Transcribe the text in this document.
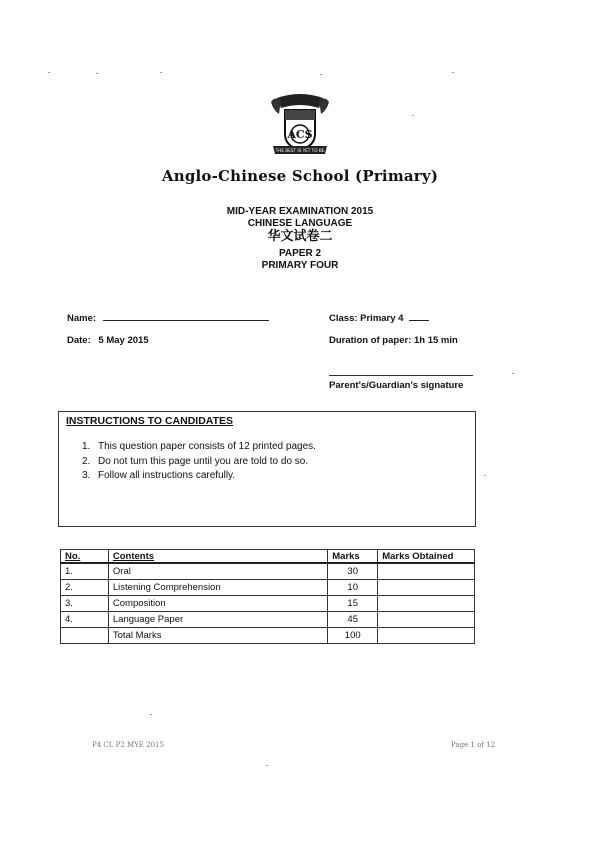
ACS
THE BEST IS YET TO BE
Anglo-Chinese School (Primary)
MID-YEAR EXAMINATION 2015
CHINESE LANGUAGE
华文试卷二
PAPER 2
PRIMARY FOUR
Name:	Class: Primary 4
Date: 5 May 2015	Duration of paper: 1h 15 min
Parent's/Guardian's signature
INSTRUCTIONS TO CANDIDATES
1. This question paper consists of 12 printed pages.
2. Do not turn this page until you are told to do so.
3. Follow all instructions carefully.
No.	Contents	Marks	Marks Obtained
1.	Oral	30	
2.	Listening Comprehension	10	
3.	Composition	15	
4.	Language Paper	45	
	Total Marks	100	
P4 CL P2 MYE 2015	Page 1 of 12
